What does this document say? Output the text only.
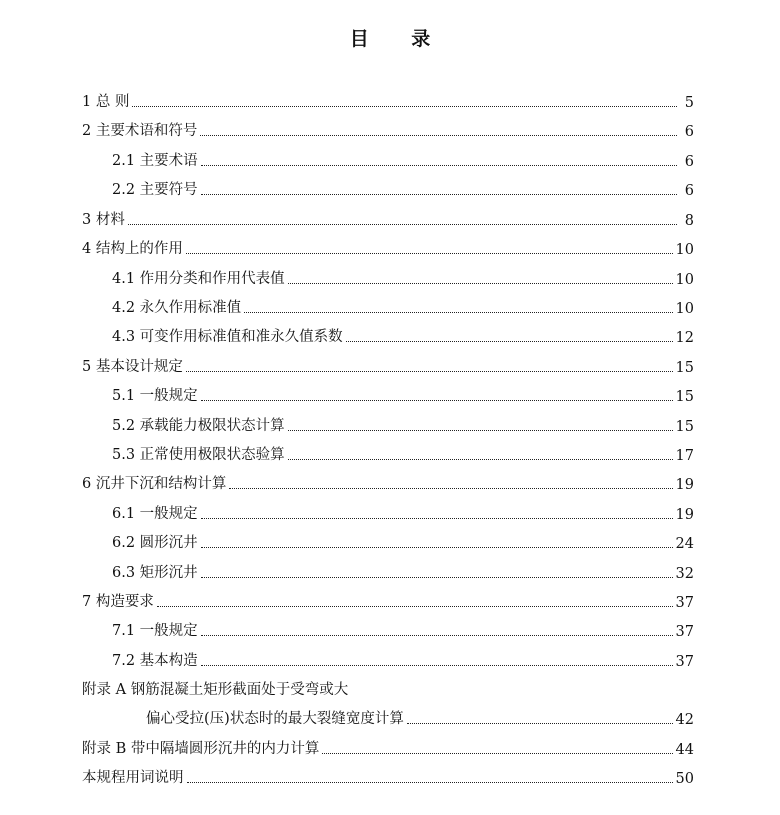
目 录
1 总 则	5
2 主要术语和符号	6
2.1 主要术语	6
2.2 主要符号	6
3 材料	8
4 结构上的作用	10
4.1 作用分类和作用代表值	10
4.2 永久作用标准值	10
4.3 可变作用标准值和准永久值系数	12
5 基本设计规定	15
5.1 一般规定	15
5.2 承载能力极限状态计算	15
5.3 正常使用极限状态验算	17
6 沉井下沉和结构计算	19
6.1 一般规定	19
6.2 圆形沉井	24
6.3 矩形沉井	32
7 构造要求	37
7.1 一般规定	37
7.2 基本构造	37
附录 A 钢筋混凝土矩形截面处于受弯或大
偏心受拉(压)状态时的最大裂缝宽度计算	42
附录 B 带中隔墙圆形沉井的内力计算	44
本规程用词说明	50
